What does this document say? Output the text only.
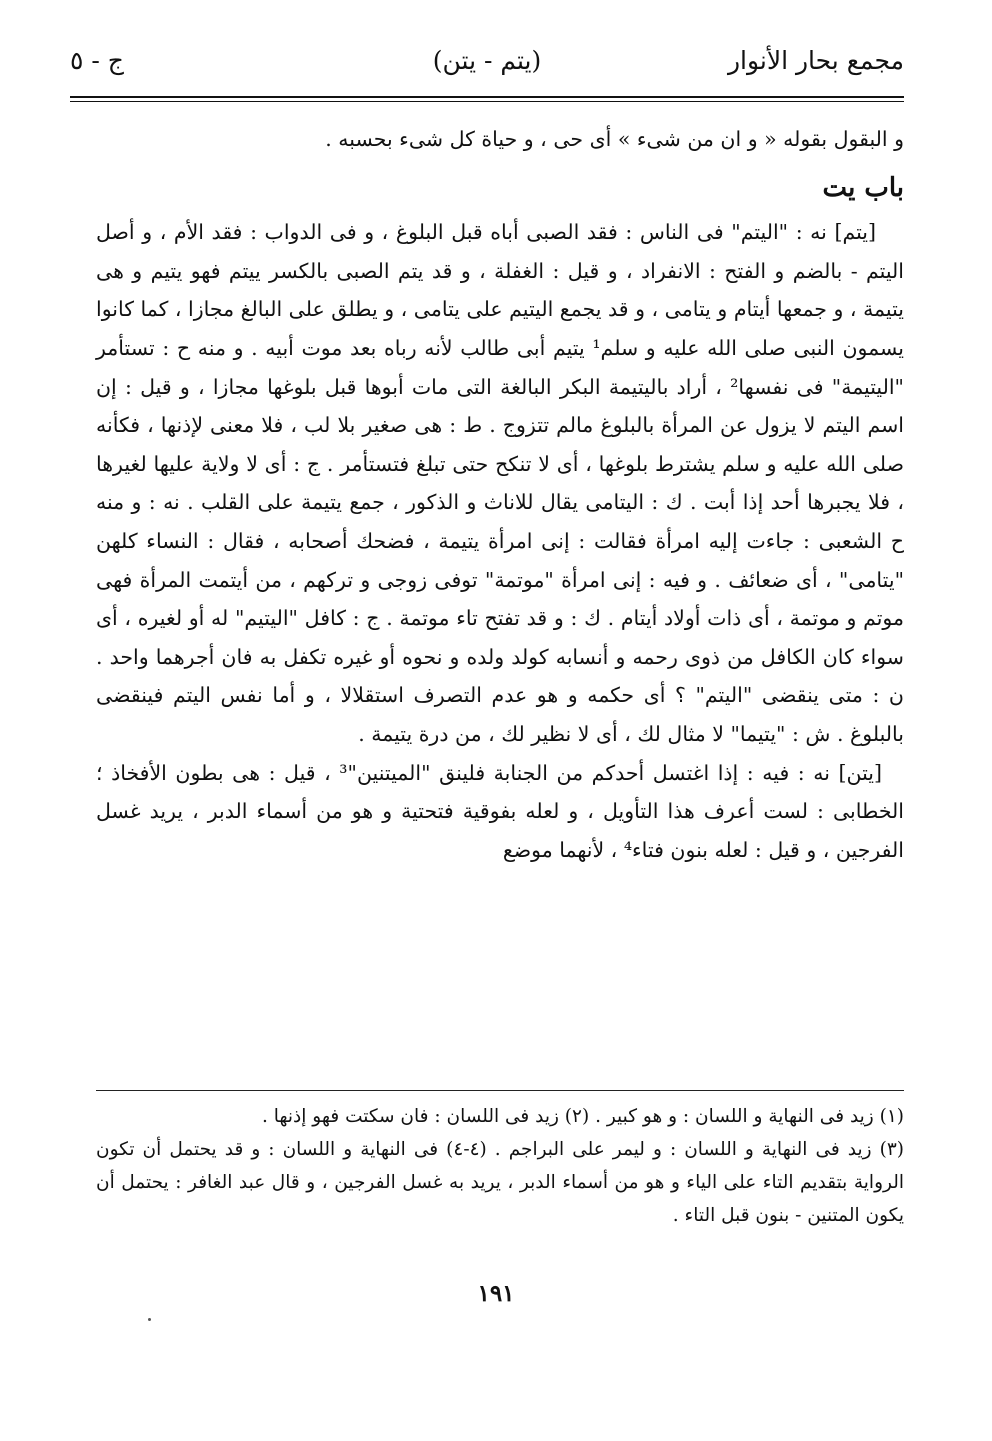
مجمع بحار الأنوار
(يتم - يتن)
ج - ٥

و البقول بقوله « و ان من شىء » أى حى ، و حياة كل شىء بحسبه .

باب يت

[يتم] نه : "اليتم" فى الناس : فقد الصبى أباه قبل البلوغ ، و فى الدواب : فقد الأم ، و أصل اليتم - بالضم و الفتح : الانفراد ، و قيل : الغفلة ، و قد يتم الصبى بالكسر ييتم فهو يتيم و هى يتيمة ، و جمعها أيتام و يتامى ، و قد يجمع اليتيم على يتامى ، و يطلق على البالغ مجازا ، كما كانوا يسمون النبى صلى الله عليه و سلم¹ يتيم أبى طالب لأنه رباه بعد موت أبيه . و منه ح : تستأمر "اليتيمة" فى نفسها² ، أراد باليتيمة البكر البالغة التى مات أبوها قبل بلوغها مجازا ، و قيل : إن اسم اليتم لا يزول عن المرأة بالبلوغ مالم تتزوج . ط : هى صغير بلا لب ، فلا معنى لإذنها ، فكأنه صلى الله عليه و سلم يشترط بلوغها ، أى لا تنكح حتى تبلغ فتستأمر . ج : أى لا ولاية عليها لغيرها ، فلا يجبرها أحد إذا أبت . ك : اليتامى يقال للاناث و الذكور ، جمع يتيمة على القلب . نه : و منه ح الشعبى : جاءت إليه امرأة فقالت : إنى امرأة يتيمة ، فضحك أصحابه ، فقال : النساء كلهن "يتامى" ، أى ضعائف . و فيه : إنى امرأة "موتمة" توفى زوجى و تركهم ، من أيتمت المرأة فهى موتم و موتمة ، أى ذات أولاد أيتام . ك : و قد تفتح تاء موتمة . ج : كافل "اليتيم" له أو لغيره ، أى سواء كان الكافل من ذوى رحمه و أنسابه كولد ولده و نحوه أو غيره تكفل به فان أجرهما واحد . ن : متى ينقضى "اليتم" ؟ أى حكمه و هو عدم التصرف استقلالا ، و أما نفس اليتم فينقضى بالبلوغ . ش : "يتيما" لا مثال لك ، أى لا نظير لك ، من درة يتيمة .

[يتن] نه : فيه : إذا اغتسل أحدكم من الجنابة فلينق "الميتنين"³ ، قيل : هى بطون الأفخاذ ؛ الخطابى : لست أعرف هذا التأويل ، و لعله بفوقية فتحتية و هو من أسماء الدبر ، يريد غسل الفرجين ، و قيل : لعله بنون فتاء⁴ ، لأنهما موضع

(١) زيد فى النهاية و اللسان : و هو كبير . (٢) زيد فى اللسان : فان سكتت فهو إذنها .

(٣) زيد فى النهاية و اللسان : و ليمر على البراجم . (٤-٤) فى النهاية و اللسان : و قد يحتمل أن تكون الرواية بتقديم التاء على الياء و هو من أسماء الدبر ، يريد به غسل الفرجين ، و قال عبد الغافر : يحتمل أن يكون المتنين - بنون قبل التاء .

١٩١
